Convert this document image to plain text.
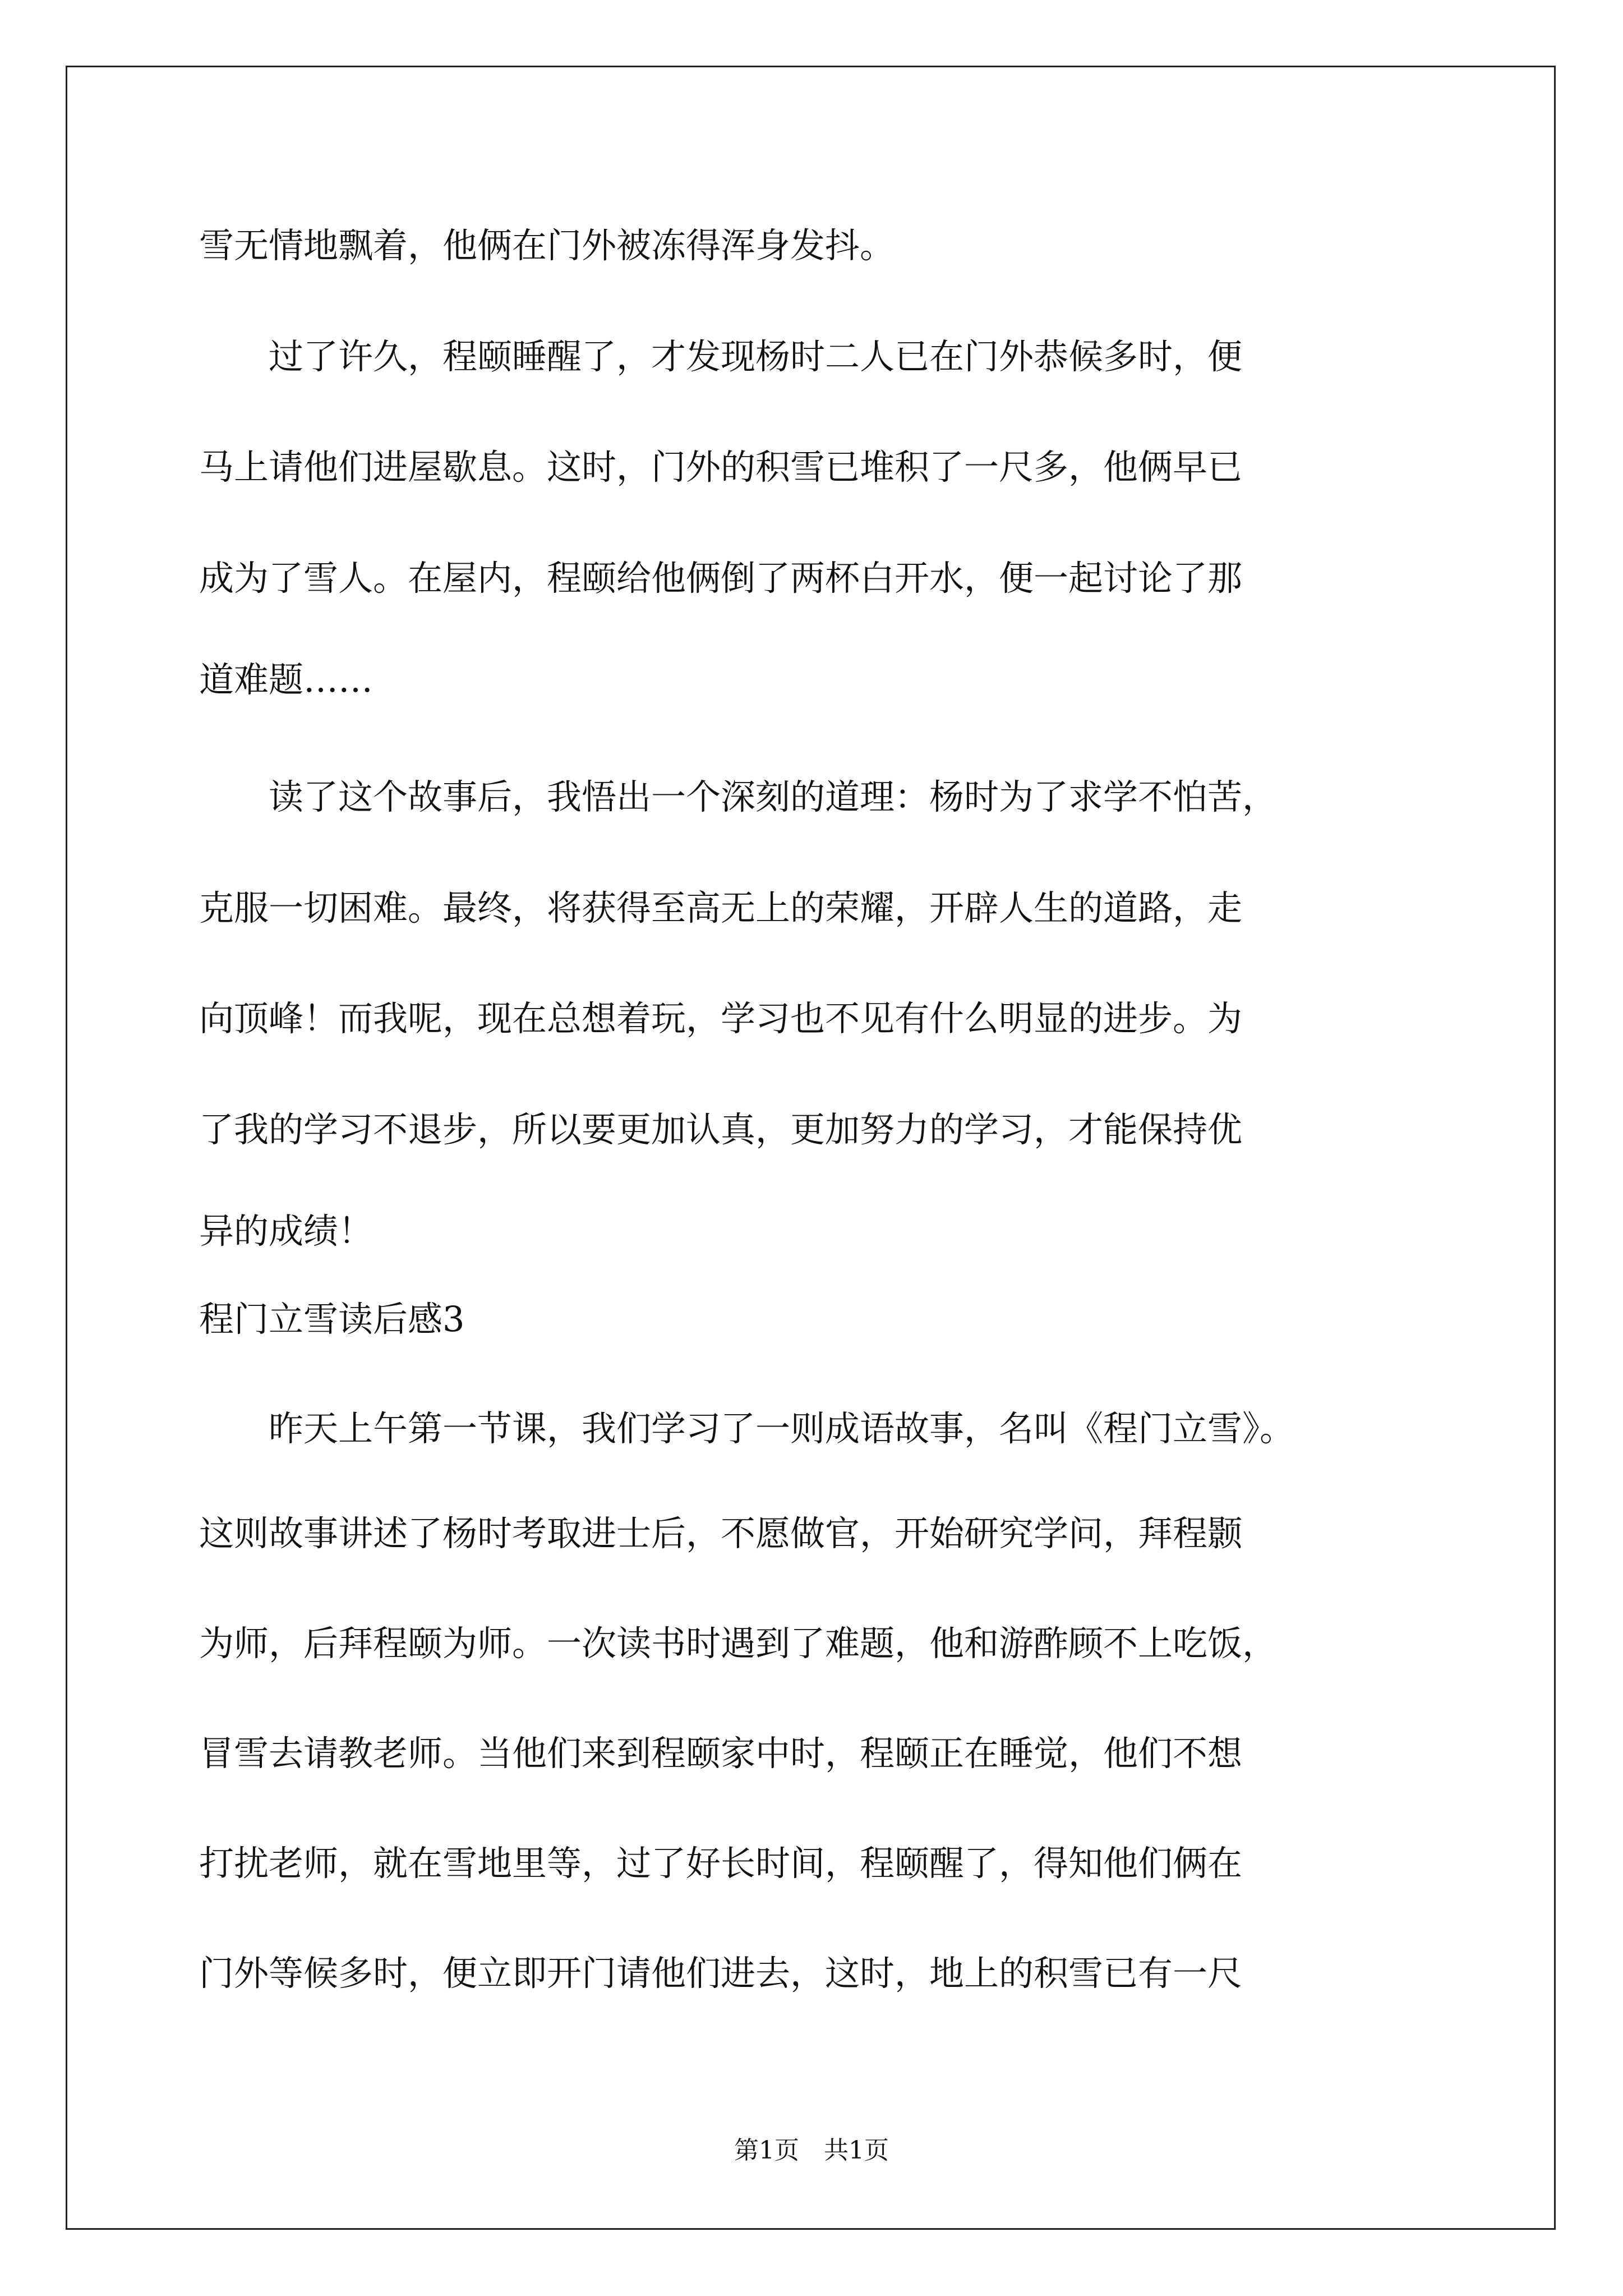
雪无情地飘着，他俩在门外被冻得浑身发抖。
　　过了许久，程颐睡醒了，才发现杨时二人已在门外恭候多时，便
马上请他们进屋歇息。这时，门外的积雪已堆积了一尺多，他俩早已
成为了雪人。在屋内，程颐给他俩倒了两杯白开水，便一起讨论了那
道难题……
　　读了这个故事后，我悟出一个深刻的道理：杨时为了求学不怕苦，
克服一切困难。最终，将获得至高无上的荣耀，开辟人生的道路，走
向顶峰！而我呢，现在总想着玩，学习也不见有什么明显的进步。为
了我的学习不退步，所以要更加认真，更加努力的学习，才能保持优
异的成绩！
程门立雪读后感3
　　昨天上午第一节课，我们学习了一则成语故事，名叫《程门立雪》。
这则故事讲述了杨时考取进士后，不愿做官，开始研究学问，拜程颢
为师，后拜程颐为师。一次读书时遇到了难题，他和游酢顾不上吃饭，
冒雪去请教老师。当他们来到程颐家中时，程颐正在睡觉，他们不想
打扰老师，就在雪地里等，过了好长时间，程颐醒了，得知他们俩在
门外等候多时，便立即开门请他们进去，这时，地上的积雪已有一尺
第1页　共1页
